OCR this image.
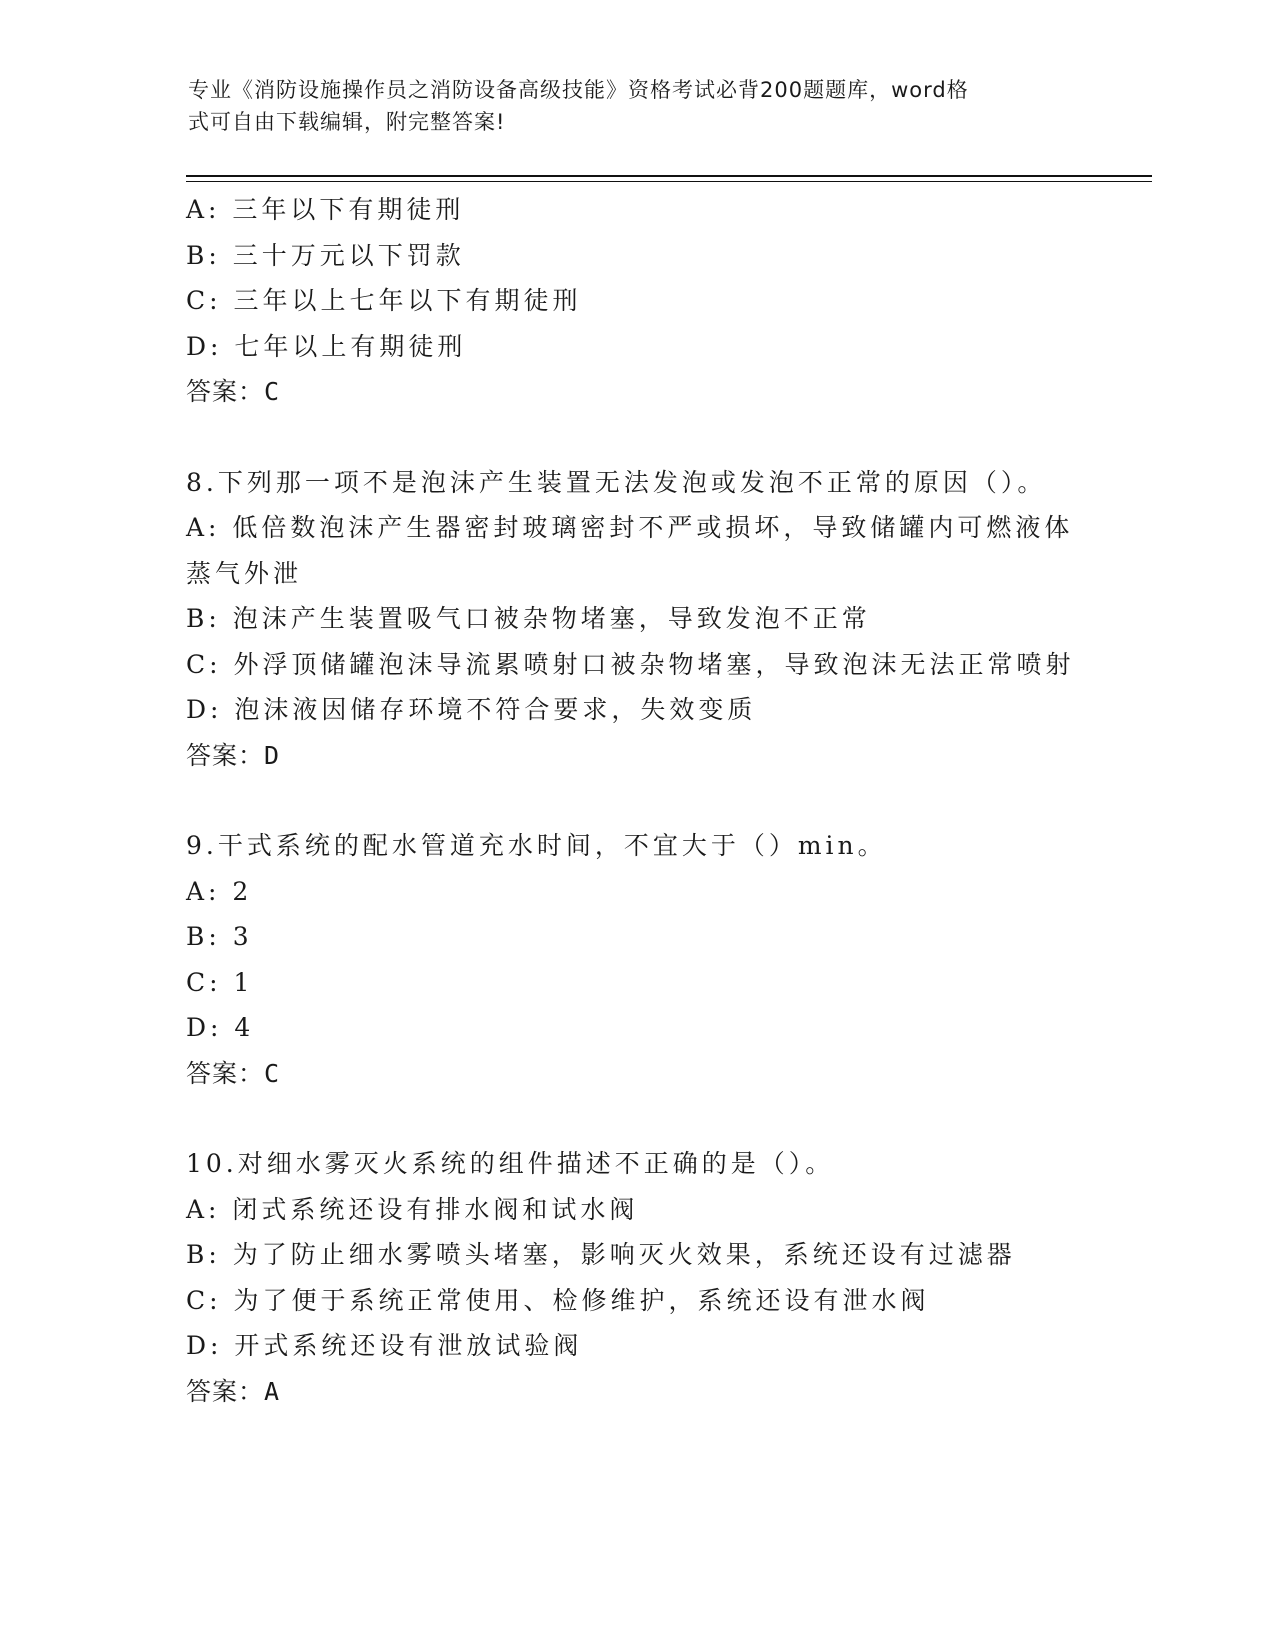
专业《消防设施操作员之消防设备高级技能》资格考试必背200题题库，word格
式可自由下载编辑，附完整答案!

A: 三年以下有期徒刑

B: 三十万元以下罚款

C: 三年以上七年以下有期徒刑

D: 七年以上有期徒刑

答案：C

8.下列那一项不是泡沫产生装置无法发泡或发泡不正常的原因（）。

A: 低倍数泡沫产生器密封玻璃密封不严或损坏，导致储罐内可燃液体

蒸气外泄

B: 泡沫产生装置吸气口被杂物堵塞，导致发泡不正常

C: 外浮顶储罐泡沫导流累喷射口被杂物堵塞，导致泡沫无法正常喷射

D: 泡沫液因储存环境不符合要求，失效变质

答案：D

9.干式系统的配水管道充水时间，不宜大于（）min。

A: 2

B: 3

C: 1

D: 4

答案：C

10.对细水雾灭火系统的组件描述不正确的是（）。

A: 闭式系统还设有排水阀和试水阀

B: 为了防止细水雾喷头堵塞，影响灭火效果，系统还设有过滤器

C: 为了便于系统正常使用、检修维护，系统还设有泄水阀

D: 开式系统还设有泄放试验阀

答案：A
